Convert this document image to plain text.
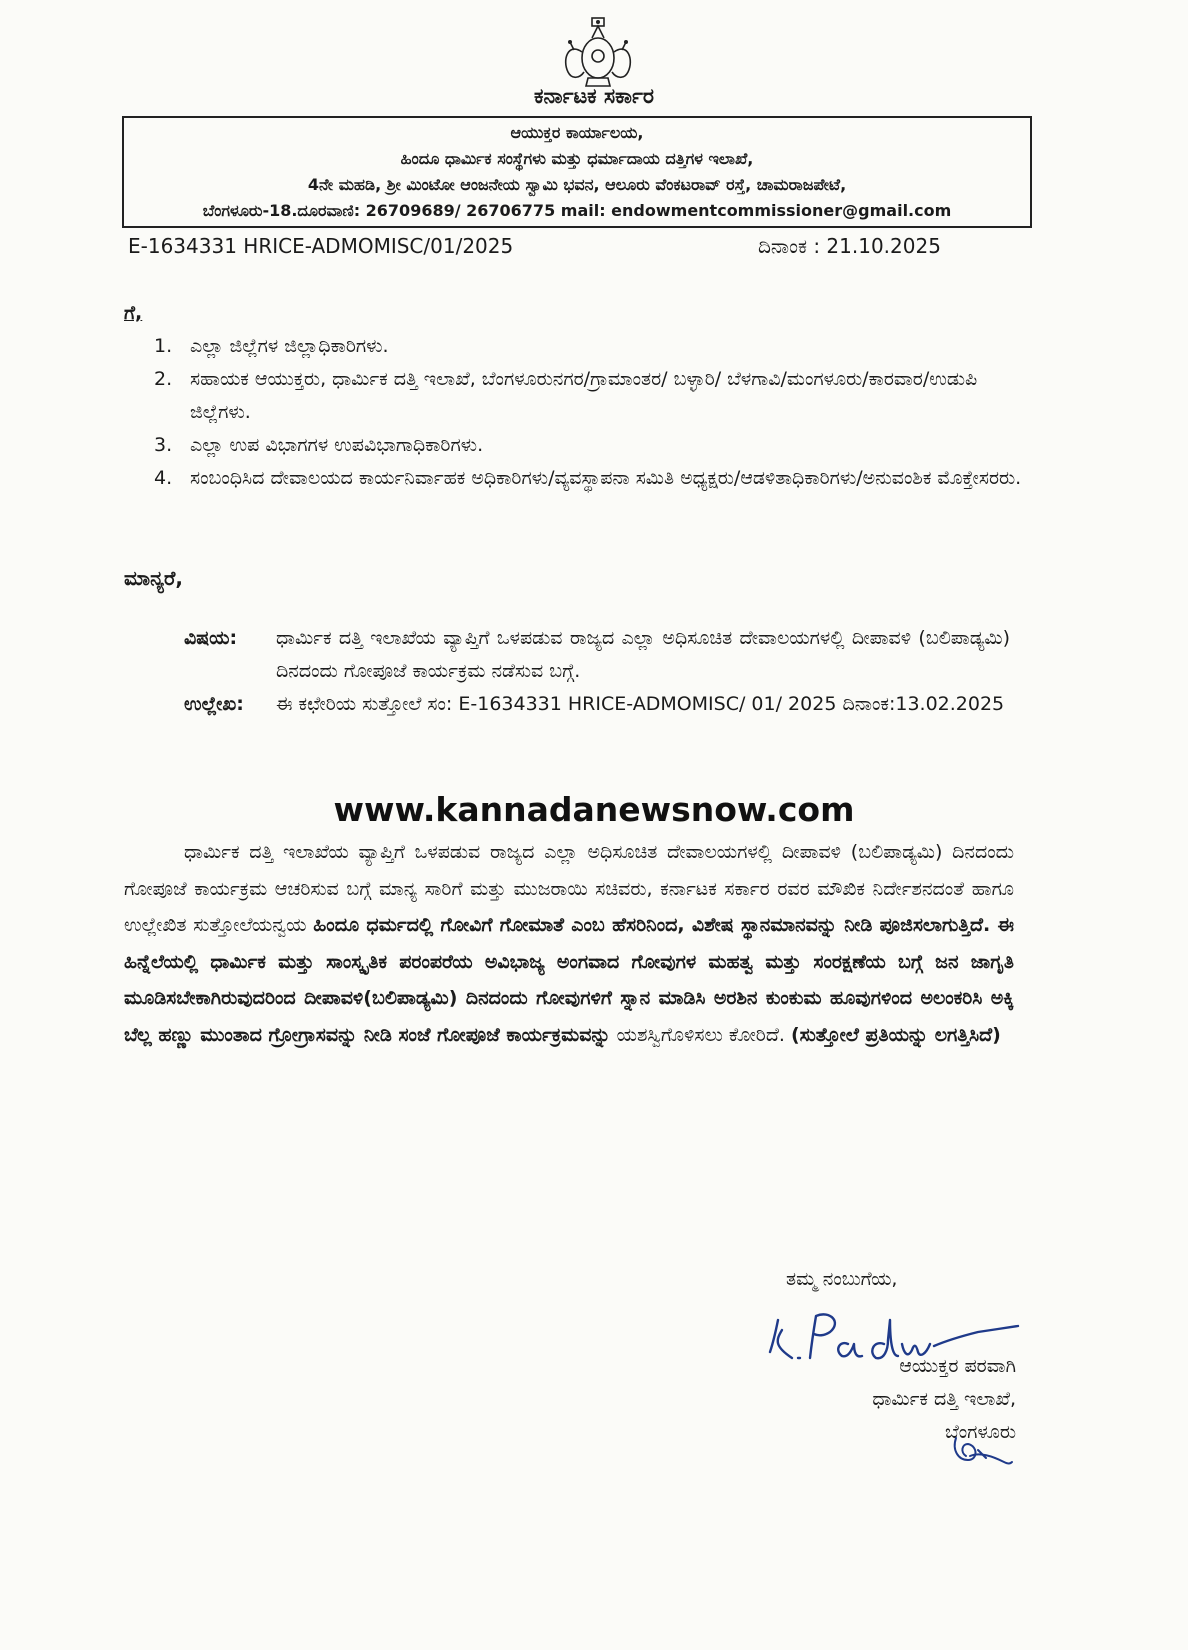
ಕರ್ನಾಟಕ ಸರ್ಕಾರ
ಆಯುಕ್ತರ ಕಾರ್ಯಾಲಯ,
ಹಿಂದೂ ಧಾರ್ಮಿಕ ಸಂಸ್ಥೆಗಳು ಮತ್ತು ಧರ್ಮಾದಾಯ ದತ್ತಿಗಳ ಇಲಾಖೆ,
4ನೇ ಮಹಡಿ, ಶ್ರೀ ಮಿಂಟೋ ಆಂಜನೇಯ ಸ್ವಾಮಿ ಭವನ, ಆಲೂರು ವೆಂಕಟರಾವ್ ರಸ್ತೆ, ಚಾಮರಾಜಪೇಟೆ,
ಬೆಂಗಳೂರು-18.ದೂರವಾಣಿ: 26709689/ 26706775 mail: endowmentcommissioner@gmail.com
E-1634331 HRICE-ADMOMISC/01/2025	ದಿನಾಂಕ : 21.10.2025
ಗೆ,
1. ಎಲ್ಲಾ ಜಿಲ್ಲೆಗಳ ಜಿಲ್ಲಾಧಿಕಾರಿಗಳು.
2. ಸಹಾಯಕ ಆಯುಕ್ತರು, ಧಾರ್ಮಿಕ ದತ್ತಿ ಇಲಾಖೆ, ಬೆಂಗಳೂರುನಗರ/ಗ್ರಾಮಾಂತರ/ ಬಳ್ಳಾರಿ/ ಬೆಳಗಾವಿ/ಮಂಗಳೂರು/ಕಾರವಾರ/ಉಡುಪಿ ಜಿಲ್ಲೆಗಳು.
3. ಎಲ್ಲಾ ಉಪ ವಿಭಾಗಗಳ ಉಪವಿಭಾಗಾಧಿಕಾರಿಗಳು.
4. ಸಂಬಂಧಿಸಿದ ದೇವಾಲಯದ ಕಾರ್ಯನಿರ್ವಾಹಕ ಅಧಿಕಾರಿಗಳು/ವ್ಯವಸ್ಥಾಪನಾ ಸಮಿತಿ ಅಧ್ಯಕ್ಷರು/ಆಡಳಿತಾಧಿಕಾರಿಗಳು/ಅನುವಂಶಿಕ ಮೊಕ್ತೇಸರರು.
ಮಾನ್ಯರೆ,
ವಿಷಯ:	ಧಾರ್ಮಿಕ ದತ್ತಿ ಇಲಾಖೆಯ ವ್ಯಾಪ್ತಿಗೆ ಒಳಪಡುವ ರಾಜ್ಯದ ಎಲ್ಲಾ ಅಧಿಸೂಚಿತ ದೇವಾಲಯಗಳಲ್ಲಿ ದೀಪಾವಳಿ (ಬಲಿಪಾಡ್ಯಮಿ) ದಿನದಂದು ಗೋಪೂಜೆ ಕಾರ್ಯಕ್ರಮ ನಡೆಸುವ ಬಗ್ಗೆ.
ಉಲ್ಲೇಖ:	ಈ ಕಛೇರಿಯ ಸುತ್ತೋಲೆ ಸಂ: E-1634331 HRICE-ADMOMISC/ 01/ 2025 ದಿನಾಂಕ:13.02.2025
www.kannadanewsnow.com
ಧಾರ್ಮಿಕ ದತ್ತಿ ಇಲಾಖೆಯ ವ್ಯಾಪ್ತಿಗೆ ಒಳಪಡುವ ರಾಜ್ಯದ ಎಲ್ಲಾ ಅಧಿಸೂಚಿತ ದೇವಾಲಯಗಳಲ್ಲಿ ದೀಪಾವಳಿ (ಬಲಿಪಾಡ್ಯಮಿ) ದಿನದಂದು ಗೋಪೂಜೆ ಕಾರ್ಯಕ್ರಮ ಆಚರಿಸುವ ಬಗ್ಗೆ ಮಾನ್ಯ ಸಾರಿಗೆ ಮತ್ತು ಮುಜರಾಯಿ ಸಚಿವರು, ಕರ್ನಾಟಕ ಸರ್ಕಾರ ರವರ ಮೌಖಿಕ ನಿರ್ದೇಶನದಂತೆ ಹಾಗೂ ಉಲ್ಲೇಖಿತ ಸುತ್ತೋಲೆಯನ್ವಯ ಹಿಂದೂ ಧರ್ಮದಲ್ಲಿ ಗೋವಿಗೆ ಗೋಮಾತೆ ಎಂಬ ಹೆಸರಿನಿಂದ, ವಿಶೇಷ ಸ್ಥಾನಮಾನವನ್ನು ನೀಡಿ ಪೂಜಿಸಲಾಗುತ್ತಿದೆ. ಈ ಹಿನ್ನೆಲೆಯಲ್ಲಿ ಧಾರ್ಮಿಕ ಮತ್ತು ಸಾಂಸ್ಕೃತಿಕ ಪರಂಪರೆಯ ಅವಿಭಾಜ್ಯ ಅಂಗವಾದ ಗೋವುಗಳ ಮಹತ್ವ ಮತ್ತು ಸಂರಕ್ಷಣೆಯ ಬಗ್ಗೆ ಜನ ಜಾಗೃತಿ ಮೂಡಿಸಬೇಕಾಗಿರುವುದರಿಂದ ದೀಪಾವಳಿ(ಬಲಿಪಾಡ್ಯಮಿ) ದಿನದಂದು ಗೋವುಗಳಿಗೆ ಸ್ನಾನ ಮಾಡಿಸಿ ಅರಶಿನ ಕುಂಕುಮ ಹೂವುಗಳಿಂದ ಅಲಂಕರಿಸಿ ಅಕ್ಕಿ ಬೆಲ್ಲ ಹಣ್ಣು ಮುಂತಾದ ಗ್ರೋಗ್ರಾಸವನ್ನು ನೀಡಿ ಸಂಜೆ ಗೋಪೂಜೆ ಕಾರ್ಯಕ್ರಮವನ್ನು ಯಶಸ್ವಿಗೊಳಿಸಲು ಕೋರಿದೆ. (ಸುತ್ತೋಲೆ ಪ್ರತಿಯನ್ನು ಲಗತ್ತಿಸಿದೆ)
ತಮ್ಮ ನಂಬುಗೆಯ,
ಆಯುಕ್ತರ ಪರವಾಗಿ
ಧಾರ್ಮಿಕ ದತ್ತಿ ಇಲಾಖೆ,
ಬೆಂಗಳೂರು
